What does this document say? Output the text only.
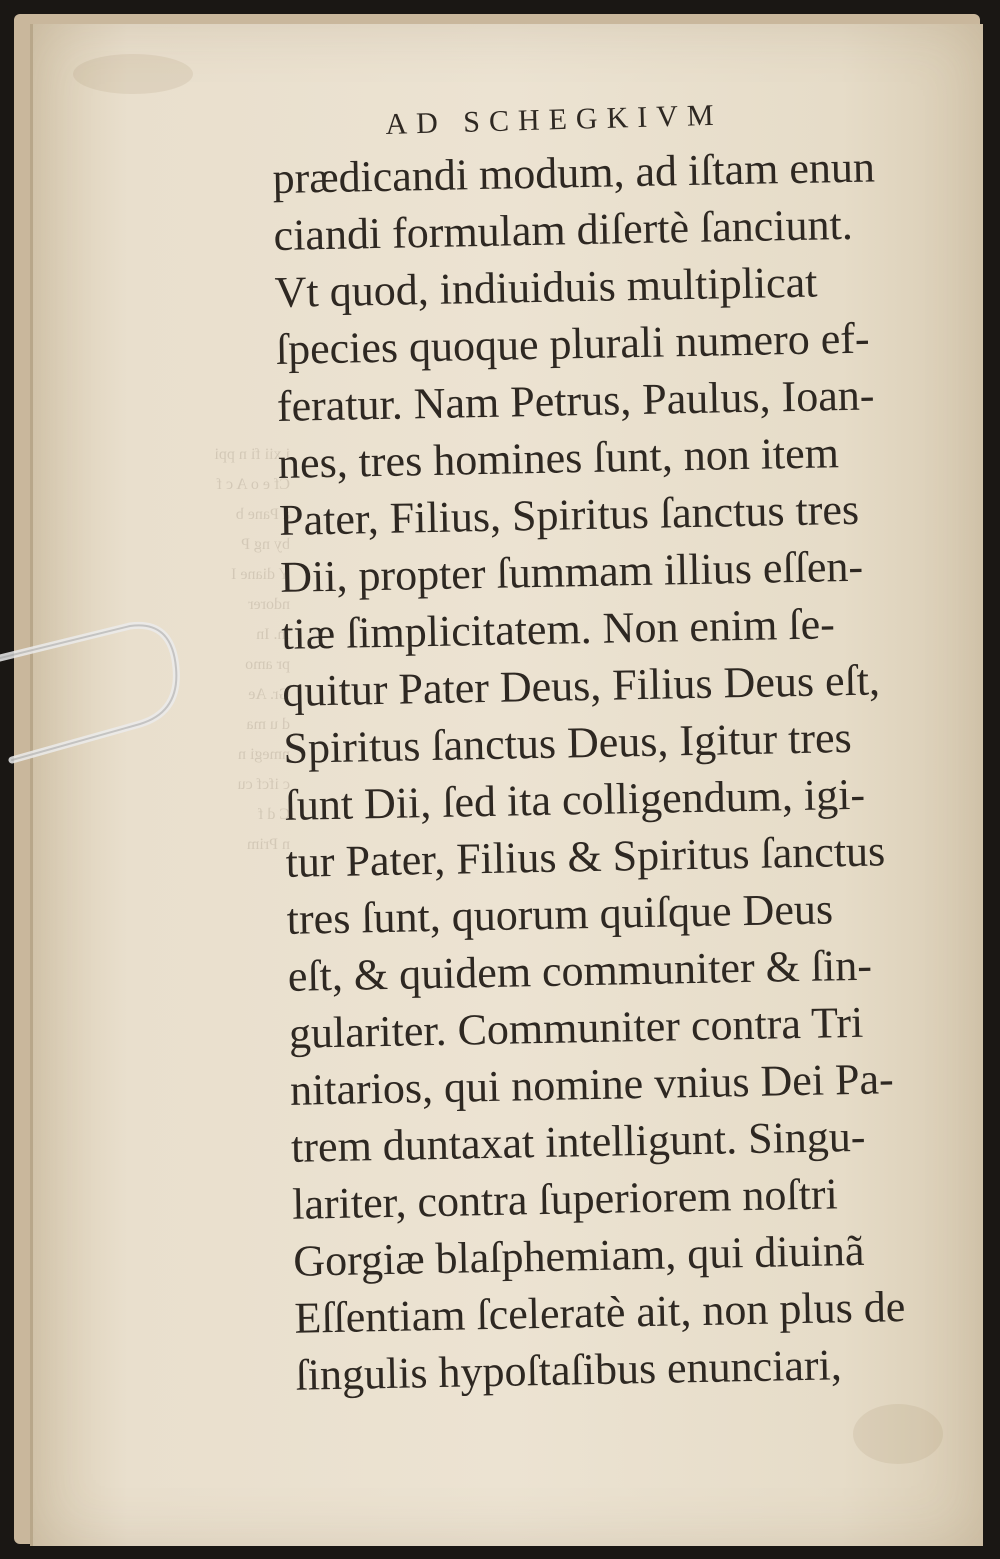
i xii fi n ppi
Cf e o A c f
a Pane b
by ng P
Y diane I
ndorer
in. In
pr amo
Gr. Ae
d u ma
nmegi n
c ifcf cu
C d f
n Prim
AD SCHEGKIVM
prædicandi modum, ad iſtam enun
ciandi formulam diſertè ſanciunt.
Vt quod, indiuiduis multiplicat
ſpecies quoque plurali numero ef-
feratur. Nam Petrus, Paulus, Ioan-
nes, tres homines ſunt, non item
Pater, Filius, Spiritus ſanctus tres
Dii, propter ſummam illius eſſen-
tiæ ſimplicitatem. Non enim ſe-
quitur Pater Deus, Filius Deus eſt,
Spiritus ſanctus Deus, Igitur tres
ſunt Dii, ſed ita colligendum, igi-
tur Pater, Filius & Spiritus ſanctus
tres ſunt, quorum quiſque Deus
eſt, & quidem communiter & ſin-
gulariter. Communiter contra Tri
nitarios, qui nomine vnius Dei Pa-
trem duntaxat intelligunt. Singu-
lariter, contra ſuperiorem noſtri
Gorgiæ blaſphemiam, qui diuinã
Eſſentiam ſceleratè ait, non plus de
ſingulis hypoſtaſibus enunciari,
